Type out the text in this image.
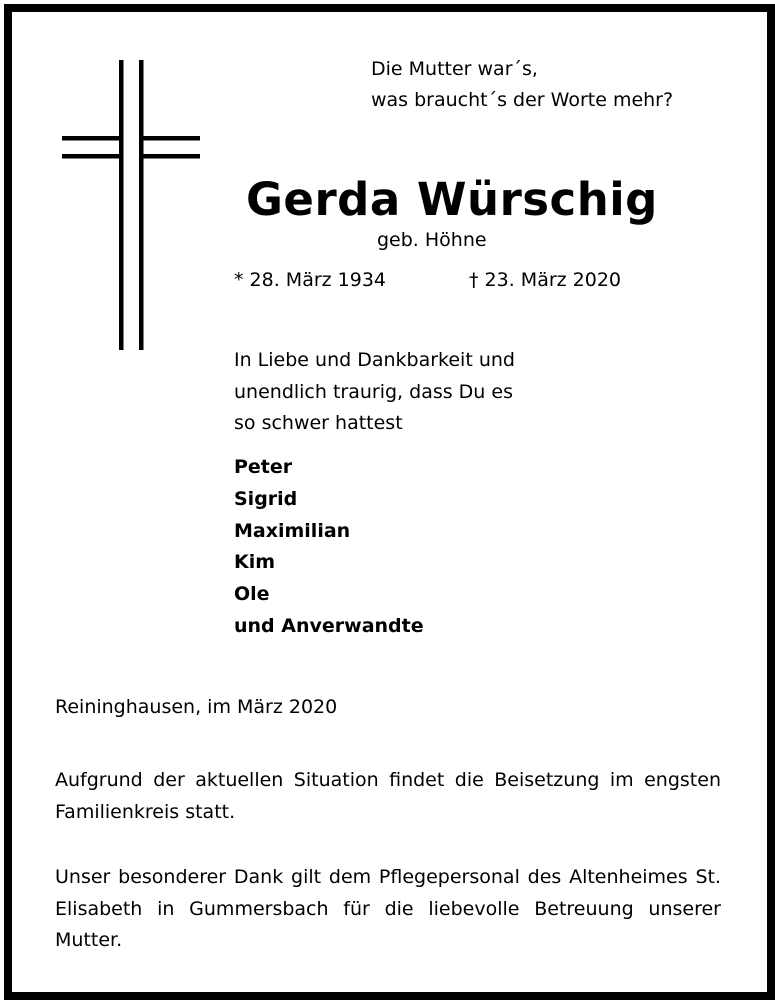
Die Mutter war´s,
was braucht´s der Worte mehr?
Gerda Würschig
geb. Höhne
* 28. März 1934	† 23. März 2020
In Liebe und Dankbarkeit und
unendlich traurig, dass Du es
so schwer hattest
Peter
Sigrid
Maximilian
Kim
Ole
und Anverwandte
Reininghausen, im März 2020
Aufgrund der aktuellen Situation findet die Beisetzung im engsten Familienkreis statt.
Unser besonderer Dank gilt dem Pflegepersonal des Altenheimes St. Elisabeth in Gummersbach für die liebevolle Betreuung unserer Mutter.
